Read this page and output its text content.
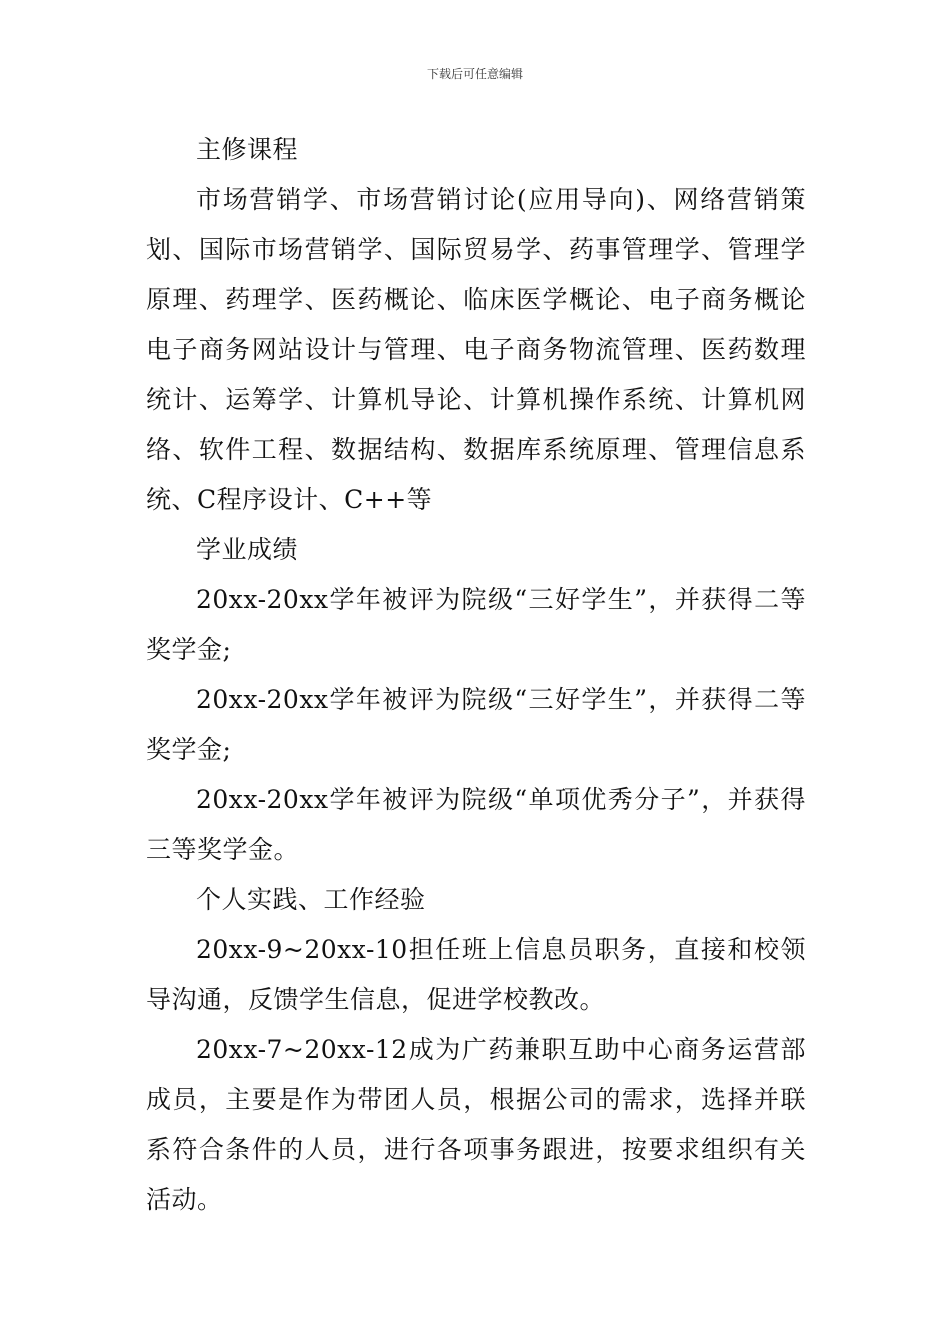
下载后可任意编辑

主修课程

市场营销学、市场营销讨论(应用导向)、网络营销策划、国际市场营销学、国际贸易学、药事管理学、管理学原理、药理学、医药概论、临床医学概论、电子商务概论电子商务网站设计与管理、电子商务物流管理、医药数理统计、运筹学、计算机导论、计算机操作系统、计算机网络、软件工程、数据结构、数据库系统原理、管理信息系统、C程序设计、C++等

学业成绩

20xx-20xx学年被评为院级“三好学生”，并获得二等奖学金;

20xx-20xx学年被评为院级“三好学生”，并获得二等奖学金;

20xx-20xx学年被评为院级“单项优秀分子”，并获得三等奖学金。

个人实践、工作经验

20xx-9~20xx-10担任班上信息员职务，直接和校领导沟通，反馈学生信息，促进学校教改。

20xx-7~20xx-12成为广药兼职互助中心商务运营部成员，主要是作为带团人员，根据公司的需求，选择并联系符合条件的人员，进行各项事务跟进，按要求组织有关活动。
